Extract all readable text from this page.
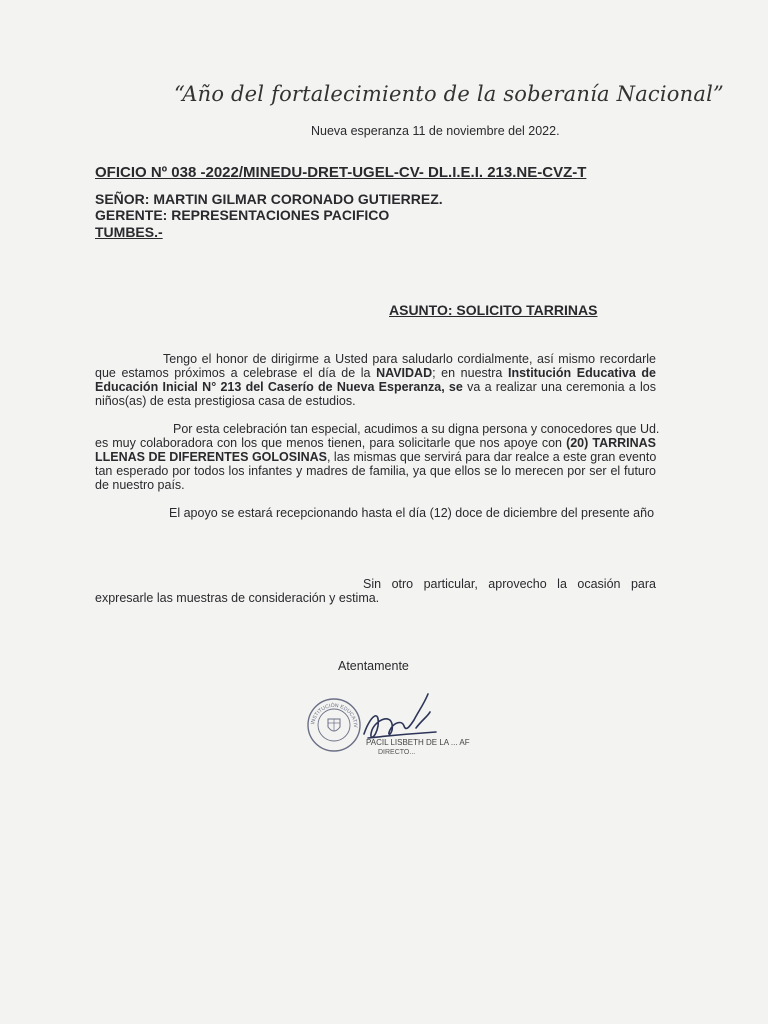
“Año del fortalecimiento de la soberanía Nacional”
Nueva esperanza 11 de noviembre del 2022.
OFICIO Nº 038 -2022/MINEDU-DRET-UGEL-CV- DL.I.E.I. 213.NE-CVZ-T
SEÑOR: MARTIN GILMAR CORONADO GUTIERREZ.
GERENTE: REPRESENTACIONES PACIFICO
TUMBES.-
ASUNTO: SOLICITO TARRINAS
Tengo el honor de dirigirme a Usted para saludarlo cordialmente, así mismo recordarle
que estamos próximos a celebrase el día de la NAVIDAD; en nuestra Institución Educativa de
Educación Inicial N° 213 del Caserío de Nueva Esperanza, se va a realizar una ceremonia a los
niños(as) de esta prestigiosa casa de estudios.
Por esta celebración tan especial, acudimos a su digna persona y conocedores que Ud.
es muy colaboradora con los que menos tienen, para solicitarle que nos apoye con (20) TARRINAS
LLENAS DE DIFERENTES GOLOSINAS, las mismas que servirá para dar realce a este gran evento
tan esperado por todos los infantes y madres de familia, ya que ellos se lo merecen por ser el futuro
de nuestro país.
El apoyo se estará recepcionando hasta el día (12) doce de diciembre del presente año
Sin otro particular, aprovecho la ocasión para
expresarle las muestras de consideración y estima.
Atentamente
INSTITUCIÓN EDUCATIV
PACIL LISBETH DE LA ... AF
DIRECTO...
